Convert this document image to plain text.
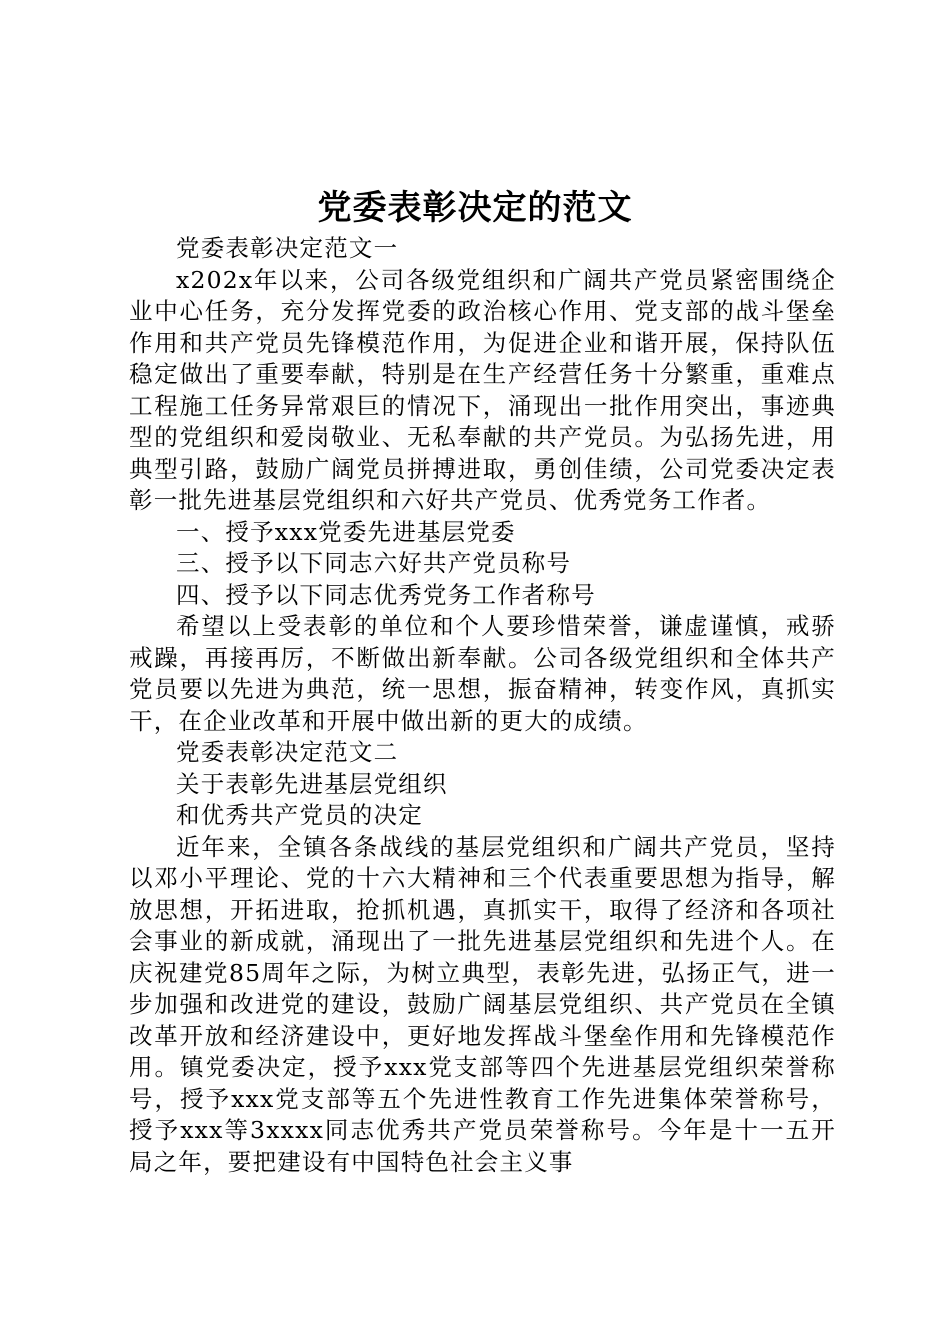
党委表彰决定的范文

党委表彰决定范文一

x202x年以来，公司各级党组织和广阔共产党员紧密围绕企业中心任务，充分发挥党委的政治核心作用、党支部的战斗堡垒作用和共产党员先锋模范作用，为促进企业和谐开展，保持队伍稳定做出了重要奉献，特别是在生产经营任务十分繁重，重难点工程施工任务异常艰巨的情况下，涌现出一批作用突出，事迹典型的党组织和爱岗敬业、无私奉献的共产党员。为弘扬先进，用典型引路，鼓励广阔党员拼搏进取，勇创佳绩，公司党委决定表彰一批先进基层党组织和六好共产党员、优秀党务工作者。

一、授予xxx党委先进基层党委

三、授予以下同志六好共产党员称号

四、授予以下同志优秀党务工作者称号

希望以上受表彰的单位和个人要珍惜荣誉，谦虚谨慎，戒骄戒躁，再接再厉，不断做出新奉献。公司各级党组织和全体共产党员要以先进为典范，统一思想，振奋精神，转变作风，真抓实干，在企业改革和开展中做出新的更大的成绩。

党委表彰决定范文二

关于表彰先进基层党组织

和优秀共产党员的决定

近年来，全镇各条战线的基层党组织和广阔共产党员，坚持以邓小平理论、党的十六大精神和三个代表重要思想为指导，解放思想，开拓进取，抢抓机遇，真抓实干，取得了经济和各项社会事业的新成就，涌现出了一批先进基层党组织和先进个人。在庆祝建党85周年之际，为树立典型，表彰先进，弘扬正气，进一步加强和改进党的建设，鼓励广阔基层党组织、共产党员在全镇改革开放和经济建设中，更好地发挥战斗堡垒作用和先锋模范作用。镇党委决定，授予xxx党支部等四个先进基层党组织荣誉称号，授予xxx党支部等五个先进性教育工作先进集体荣誉称号，授予xxx等3xxxx同志优秀共产党员荣誉称号。今年是十一五开局之年，要把建设有中国特色社会主义事
